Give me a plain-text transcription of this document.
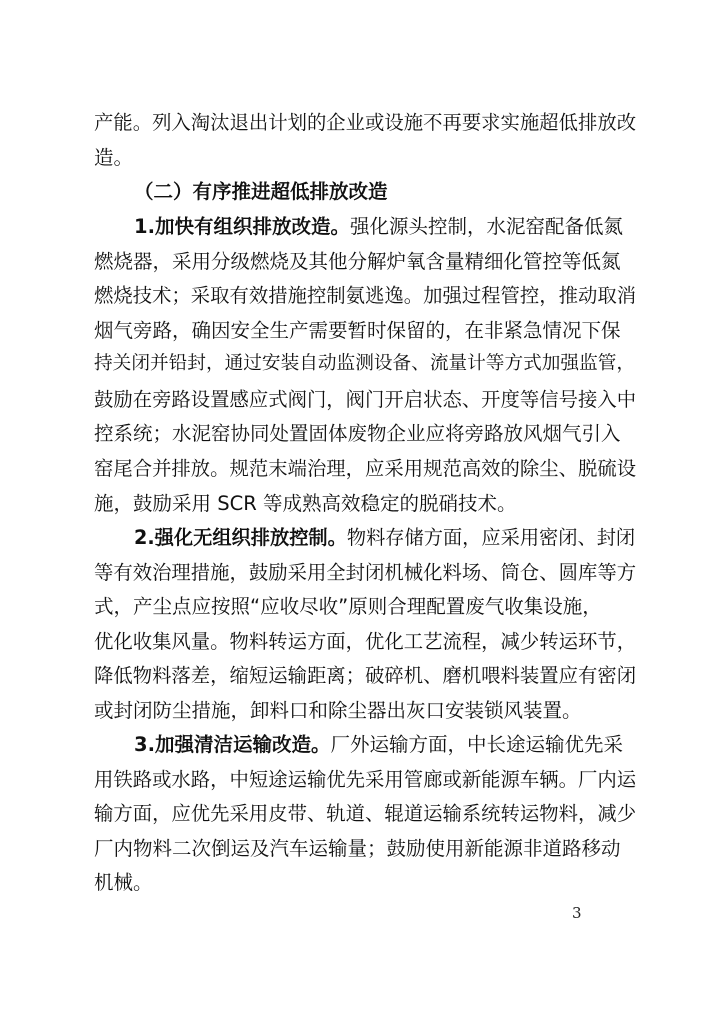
产能。列入淘汰退出计划的企业或设施不再要求实施超低排放改
造。
（二）有序推进超低排放改造
1.加快有组织排放改造。强化源头控制，水泥窑配备低氮
燃烧器，采用分级燃烧及其他分解炉氧含量精细化管控等低氮
燃烧技术；采取有效措施控制氨逃逸。加强过程管控，推动取消
烟气旁路，确因安全生产需要暂时保留的，在非紧急情况下保
持关闭并铅封，通过安装自动监测设备、流量计等方式加强监管，
鼓励在旁路设置感应式阀门，阀门开启状态、开度等信号接入中
控系统；水泥窑协同处置固体废物企业应将旁路放风烟气引入
窑尾合并排放。规范末端治理，应采用规范高效的除尘、脱硫设
施，鼓励采用 SCR 等成熟高效稳定的脱硝技术。
2.强化无组织排放控制。物料存储方面，应采用密闭、封闭
等有效治理措施，鼓励采用全封闭机械化料场、筒仓、圆库等方
式，产尘点应按照“应收尽收”原则合理配置废气收集设施，
优化收集风量。物料转运方面，优化工艺流程，减少转运环节，
降低物料落差，缩短运输距离；破碎机、磨机喂料装置应有密闭
或封闭防尘措施，卸料口和除尘器出灰口安装锁风装置。
3.加强清洁运输改造。厂外运输方面，中长途运输优先采
用铁路或水路，中短途运输优先采用管廊或新能源车辆。厂内运
输方面，应优先采用皮带、轨道、辊道运输系统转运物料，减少
厂内物料二次倒运及汽车运输量；鼓励使用新能源非道路移动
机械。
3
